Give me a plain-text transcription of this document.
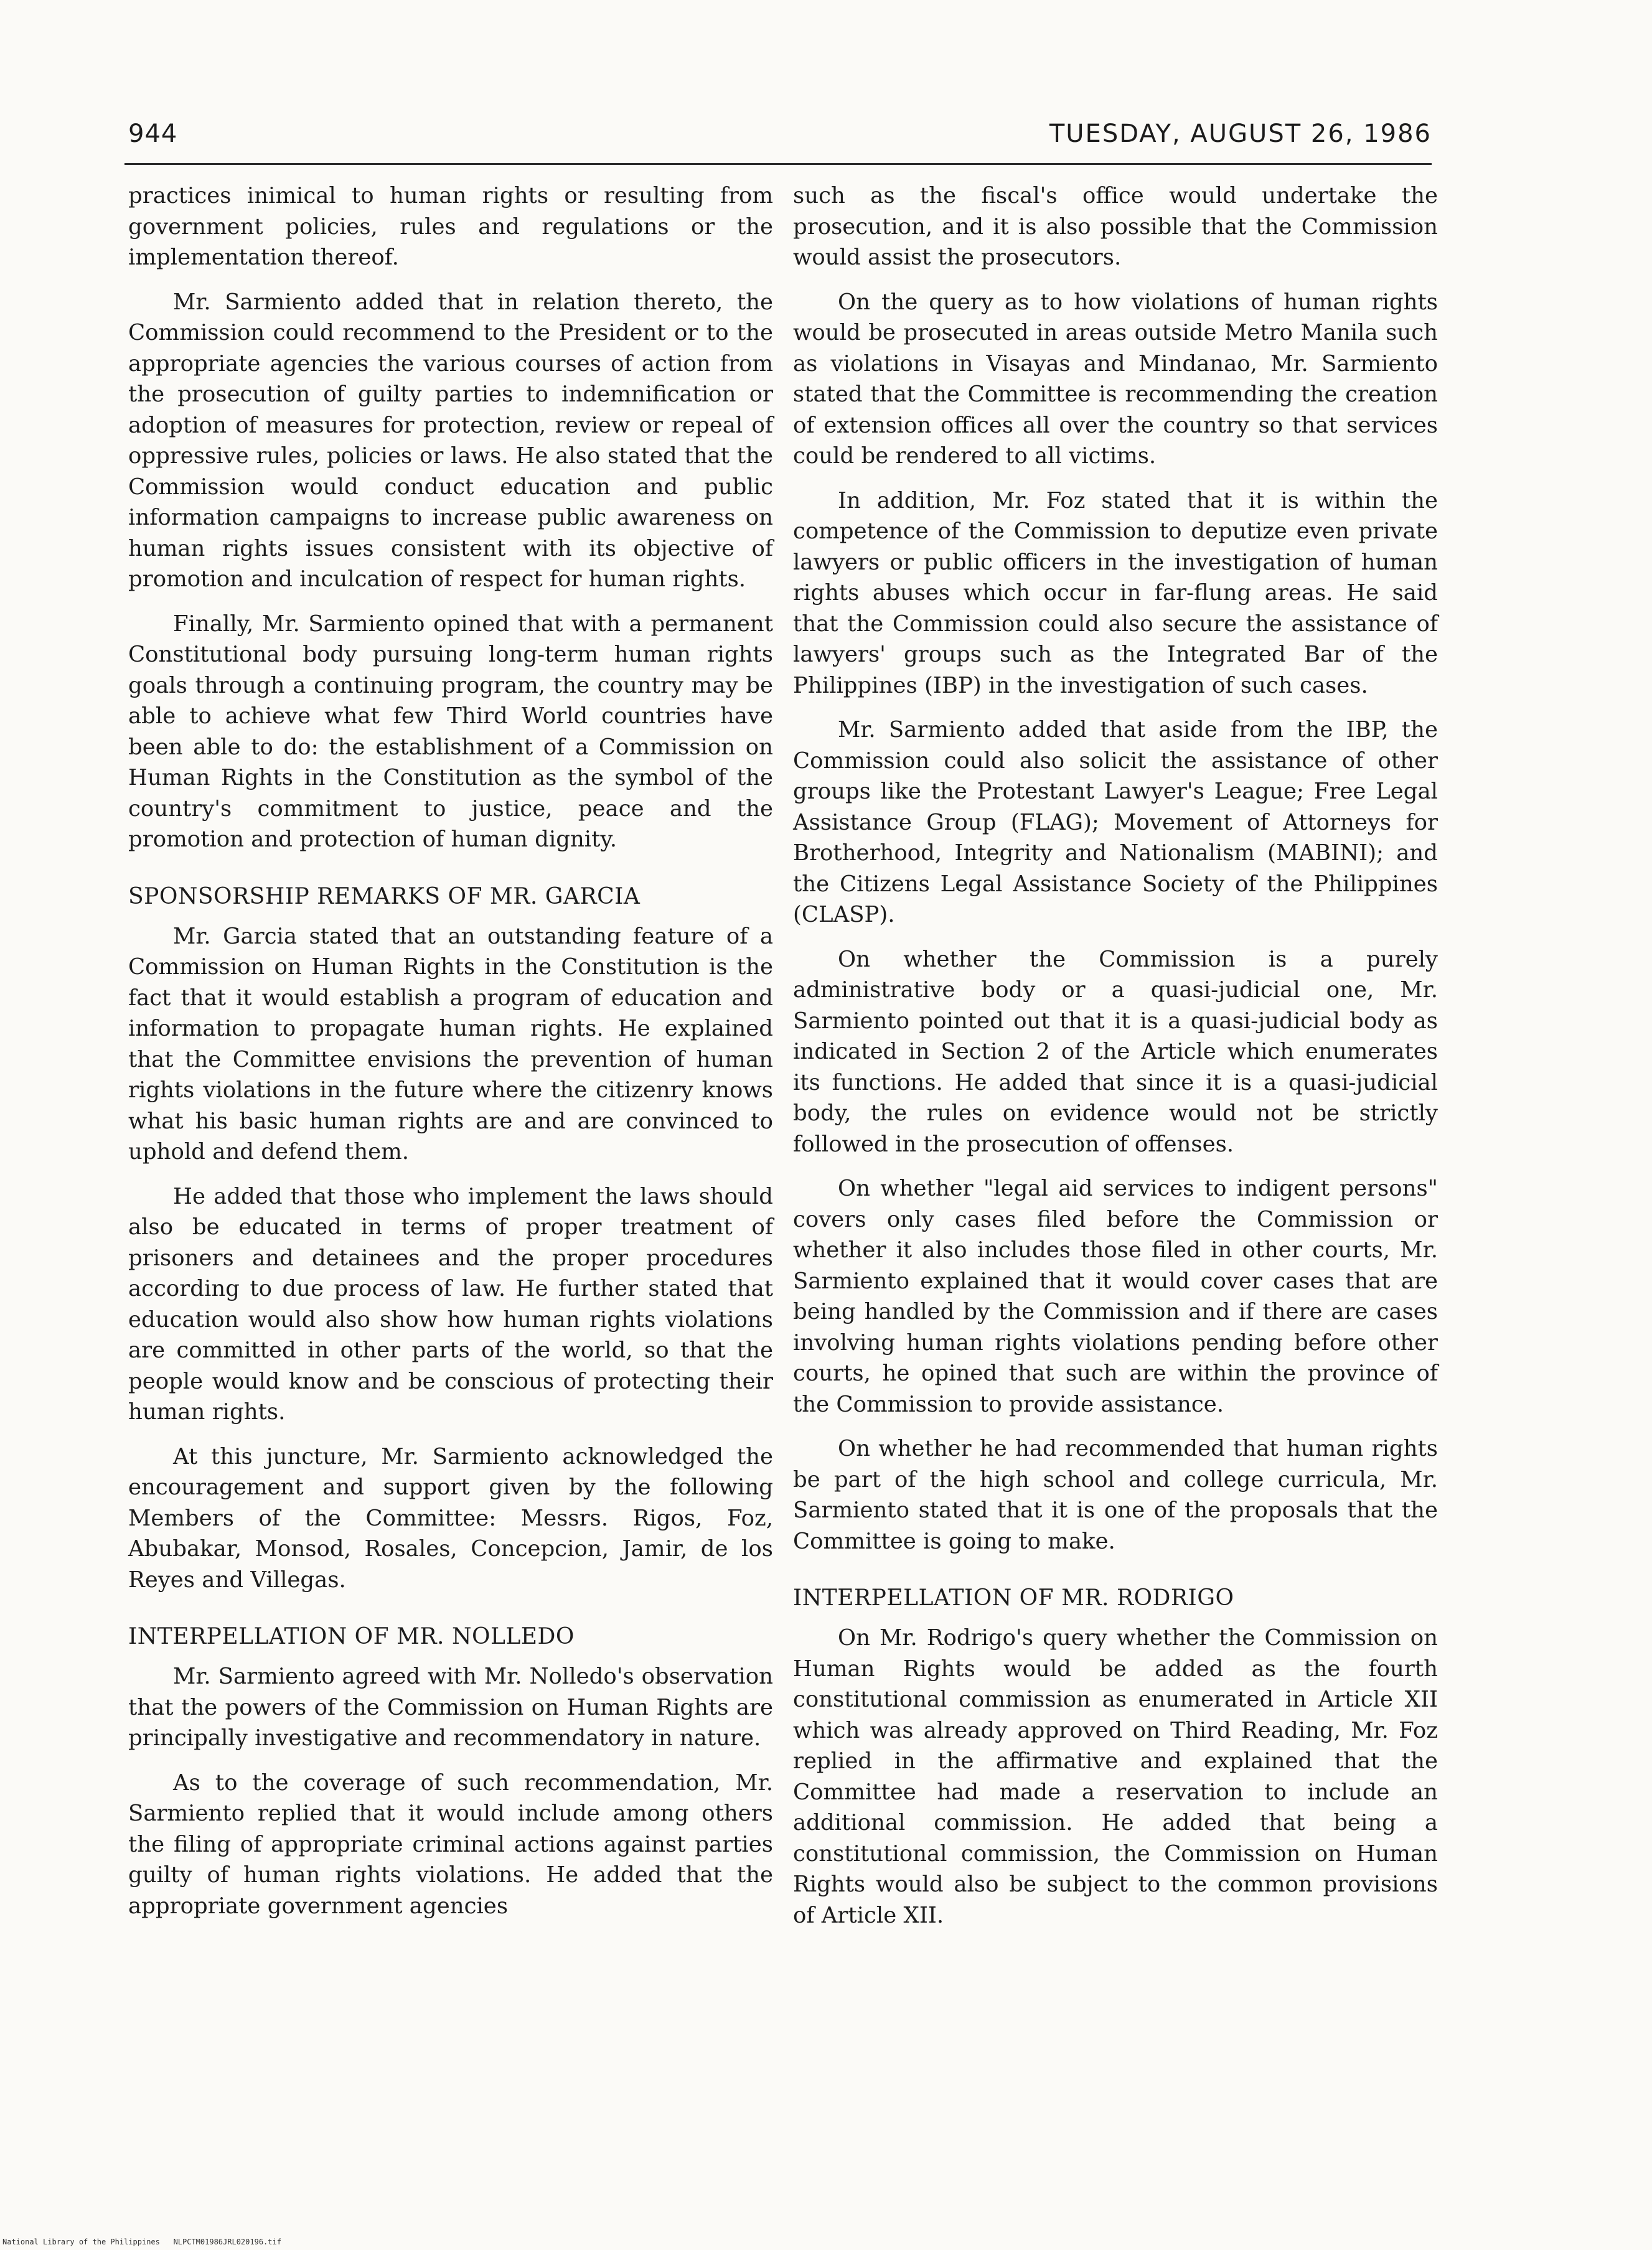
944	TUESDAY, AUGUST 26, 1986

practices inimical to human rights or resulting from government policies, rules and regulations or the implementation thereof.

Mr. Sarmiento added that in relation thereto, the Commission could recommend to the President or to the appropriate agencies the various courses of action from the prosecution of guilty parties to indemnification or adoption of measures for protection, review or repeal of oppressive rules, policies or laws. He also stated that the Commission would conduct education and public information campaigns to increase public awareness on human rights issues consistent with its objective of promotion and inculcation of respect for human rights.

Finally, Mr. Sarmiento opined that with a permanent Constitutional body pursuing long-term human rights goals through a continuing program, the country may be able to achieve what few Third World countries have been able to do: the establishment of a Commission on Human Rights in the Constitution as the symbol of the country's commitment to justice, peace and the promotion and protection of human dignity.

SPONSORSHIP REMARKS OF MR. GARCIA

Mr. Garcia stated that an outstanding feature of a Commission on Human Rights in the Constitution is the fact that it would establish a program of education and information to propagate human rights. He explained that the Committee envisions the prevention of human rights violations in the future where the citizenry knows what his basic human rights are and are convinced to uphold and defend them.

He added that those who implement the laws should also be educated in terms of proper treatment of prisoners and detainees and the proper procedures according to due process of law. He further stated that education would also show how human rights violations are committed in other parts of the world, so that the people would know and be conscious of protecting their human rights.

At this juncture, Mr. Sarmiento acknowledged the encouragement and support given by the following Members of the Committee: Messrs. Rigos, Foz, Abubakar, Monsod, Rosales, Concepcion, Jamir, de los Reyes and Villegas.

INTERPELLATION OF MR. NOLLEDO

Mr. Sarmiento agreed with Mr. Nolledo's observation that the powers of the Commission on Human Rights are principally investigative and recommendatory in nature.

As to the coverage of such recommendation, Mr. Sarmiento replied that it would include among others the filing of appropriate criminal actions against parties guilty of human rights violations. He added that the appropriate government agencies

such as the fiscal's office would undertake the prosecution, and it is also possible that the Commission would assist the prosecutors.

On the query as to how violations of human rights would be prosecuted in areas outside Metro Manila such as violations in Visayas and Mindanao, Mr. Sarmiento stated that the Committee is recommending the creation of extension offices all over the country so that services could be rendered to all victims.

In addition, Mr. Foz stated that it is within the competence of the Commission to deputize even private lawyers or public officers in the investigation of human rights abuses which occur in far-flung areas. He said that the Commission could also secure the assistance of lawyers' groups such as the Integrated Bar of the Philippines (IBP) in the investigation of such cases.

Mr. Sarmiento added that aside from the IBP, the Commission could also solicit the assistance of other groups like the Protestant Lawyer's League; Free Legal Assistance Group (FLAG); Movement of Attorneys for Brotherhood, Integrity and Nationalism (MABINI); and the Citizens Legal Assistance Society of the Philippines (CLASP).

On whether the Commission is a purely administrative body or a quasi-judicial one, Mr. Sarmiento pointed out that it is a quasi-judicial body as indicated in Section 2 of the Article which enumerates its functions. He added that since it is a quasi-judicial body, the rules on evidence would not be strictly followed in the prosecution of offenses.

On whether "legal aid services to indigent persons" covers only cases filed before the Commission or whether it also includes those filed in other courts, Mr. Sarmiento explained that it would cover cases that are being handled by the Commission and if there are cases involving human rights violations pending before other courts, he opined that such are within the province of the Commission to provide assistance.

On whether he had recommended that human rights be part of the high school and college curricula, Mr. Sarmiento stated that it is one of the proposals that the Committee is going to make.

INTERPELLATION OF MR. RODRIGO

On Mr. Rodrigo's query whether the Commission on Human Rights would be added as the fourth constitutional commission as enumerated in Article XII which was already approved on Third Reading, Mr. Foz replied in the affirmative and explained that the Committee had made a reservation to include an additional commission. He added that being a constitutional commission, the Commission on Human Rights would also be subject to the common provisions of Article XII.

National Library of the Philippines NLPCTM01986JRL020196.tif
